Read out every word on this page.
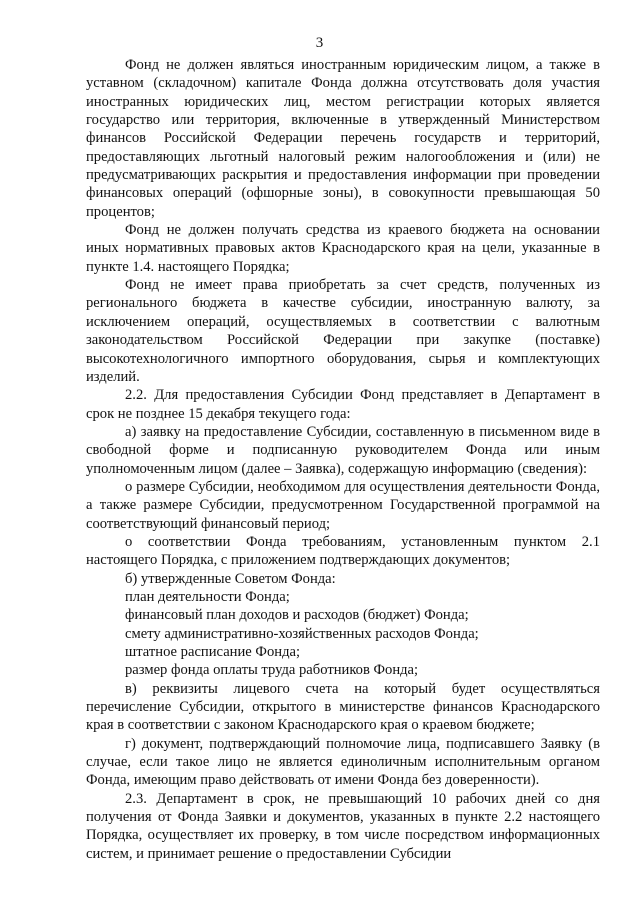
3

Фонд не должен являться иностранным юридическим лицом, а также в уставном (складочном) капитале Фонда должна отсутствовать доля участия иностранных юридических лиц, местом регистрации которых является государство или территория, включенные в утвержденный Министерством финансов Российской Федерации перечень государств и территорий, предоставляющих льготный налоговый режим налогообложения и (или) не предусматривающих раскрытия и предоставления информации при проведении финансовых операций (офшорные зоны), в совокупности превышающая 50 процентов;

Фонд не должен получать средства из краевого бюджета на основании иных нормативных правовых актов Краснодарского края на цели, указанные в пункте 1.4. настоящего Порядка;

Фонд не имеет права приобретать за счет средств, полученных из регионального бюджета в качестве субсидии, иностранную валюту, за исключением операций, осуществляемых в соответствии с валютным законодательством Российской Федерации при закупке (поставке) высокотехнологичного импортного оборудования, сырья и комплектующих изделий.

2.2. Для предоставления Субсидии Фонд представляет в Департамент в срок не позднее 15 декабря текущего года:

а) заявку на предоставление Субсидии, составленную в письменном виде в свободной форме и подписанную руководителем Фонда или иным уполномоченным лицом (далее – Заявка), содержащую информацию (сведения):

о размере Субсидии, необходимом для осуществления деятельности Фонда, а также размере Субсидии, предусмотренном Государственной программой на соответствующий финансовый период;

о соответствии Фонда требованиям, установленным пунктом 2.1 настоящего Порядка, с приложением подтверждающих документов;

б) утвержденные Советом Фонда:

план деятельности Фонда;

финансовый план доходов и расходов (бюджет) Фонда;

смету административно-хозяйственных расходов Фонда;

штатное расписание Фонда;

размер фонда оплаты труда работников Фонда;

в) реквизиты лицевого счета на который будет осуществляться перечисление Субсидии, открытого в министерстве финансов Краснодарского края в соответствии с законом Краснодарского края о краевом бюджете;

г) документ, подтверждающий полномочие лица, подписавшего Заявку (в случае, если такое лицо не является единоличным исполнительным органом Фонда, имеющим право действовать от имени Фонда без доверенности).

2.3. Департамент в срок, не превышающий 10 рабочих дней со дня получения от Фонда Заявки и документов, указанных в пункте 2.2 настоящего Порядка, осуществляет их проверку, в том числе посредством информационных систем, и принимает решение о предоставлении Субсидии
